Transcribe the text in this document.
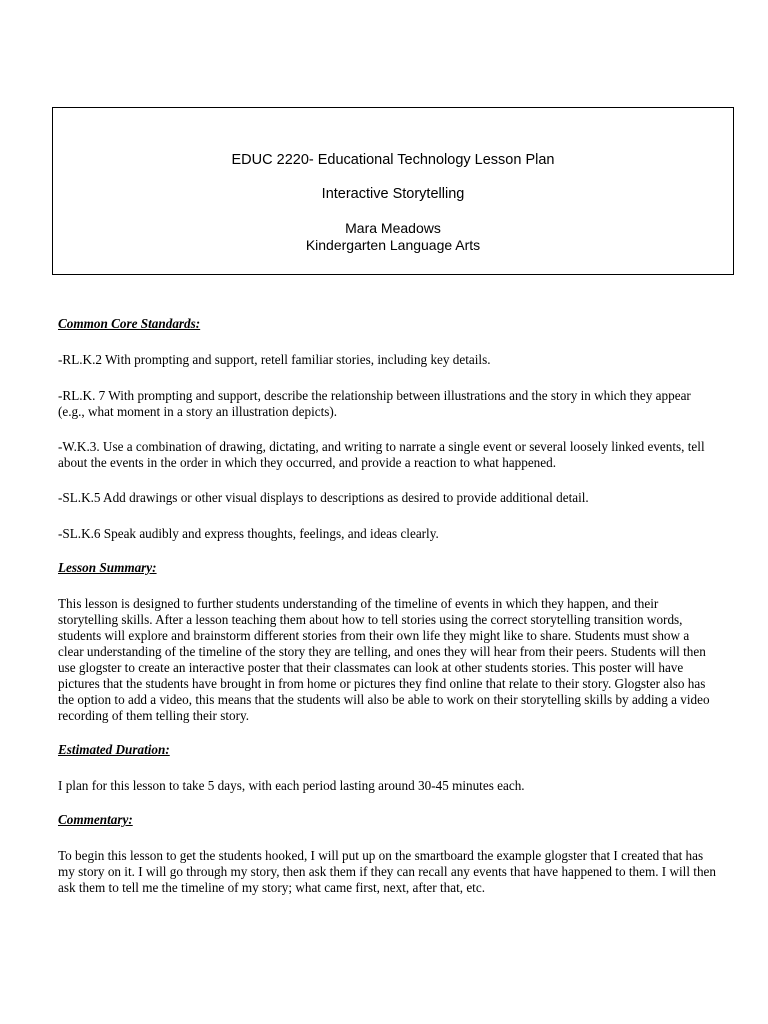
EDUC 2220- Educational Technology Lesson Plan
Interactive Storytelling
Mara Meadows
Kindergarten Language Arts

Common Core Standards:

-RL.K.2 With prompting and support, retell familiar stories, including key details.

-RL.K. 7 With prompting and support, describe the relationship between illustrations and the story in which they appear (e.g., what moment in a story an illustration depicts).

-W.K.3. Use a combination of drawing, dictating, and writing to narrate a single event or several loosely linked events, tell about the events in the order in which they occurred, and provide a reaction to what happened.

-SL.K.5 Add drawings or other visual displays to descriptions as desired to provide additional detail.

-SL.K.6 Speak audibly and express thoughts, feelings, and ideas clearly.

Lesson Summary:

This lesson is designed to further students understanding of the timeline of events in which they happen, and their storytelling skills. After a lesson teaching them about how to tell stories using the correct storytelling transition words, students will explore and brainstorm different stories from their own life they might like to share. Students must show a clear understanding of the timeline of the story they are telling, and ones they will hear from their peers. Students will then use glogster to create an interactive poster that their classmates can look at other students stories. This poster will have pictures that the students have brought in from home or pictures they find online that relate to their story. Glogster also has the option to add a video, this means that the students will also be able to work on their storytelling skills by adding a video recording of them telling their story.

Estimated Duration:

I plan for this lesson to take 5 days, with each period lasting around 30-45 minutes each.

Commentary:

To begin this lesson to get the students hooked, I will put up on the smartboard the example glogster that I created that has my story on it. I will go through my story, then ask them if they can recall any events that have happened to them. I will then ask them to tell me the timeline of my story; what came first, next, after that, etc.
